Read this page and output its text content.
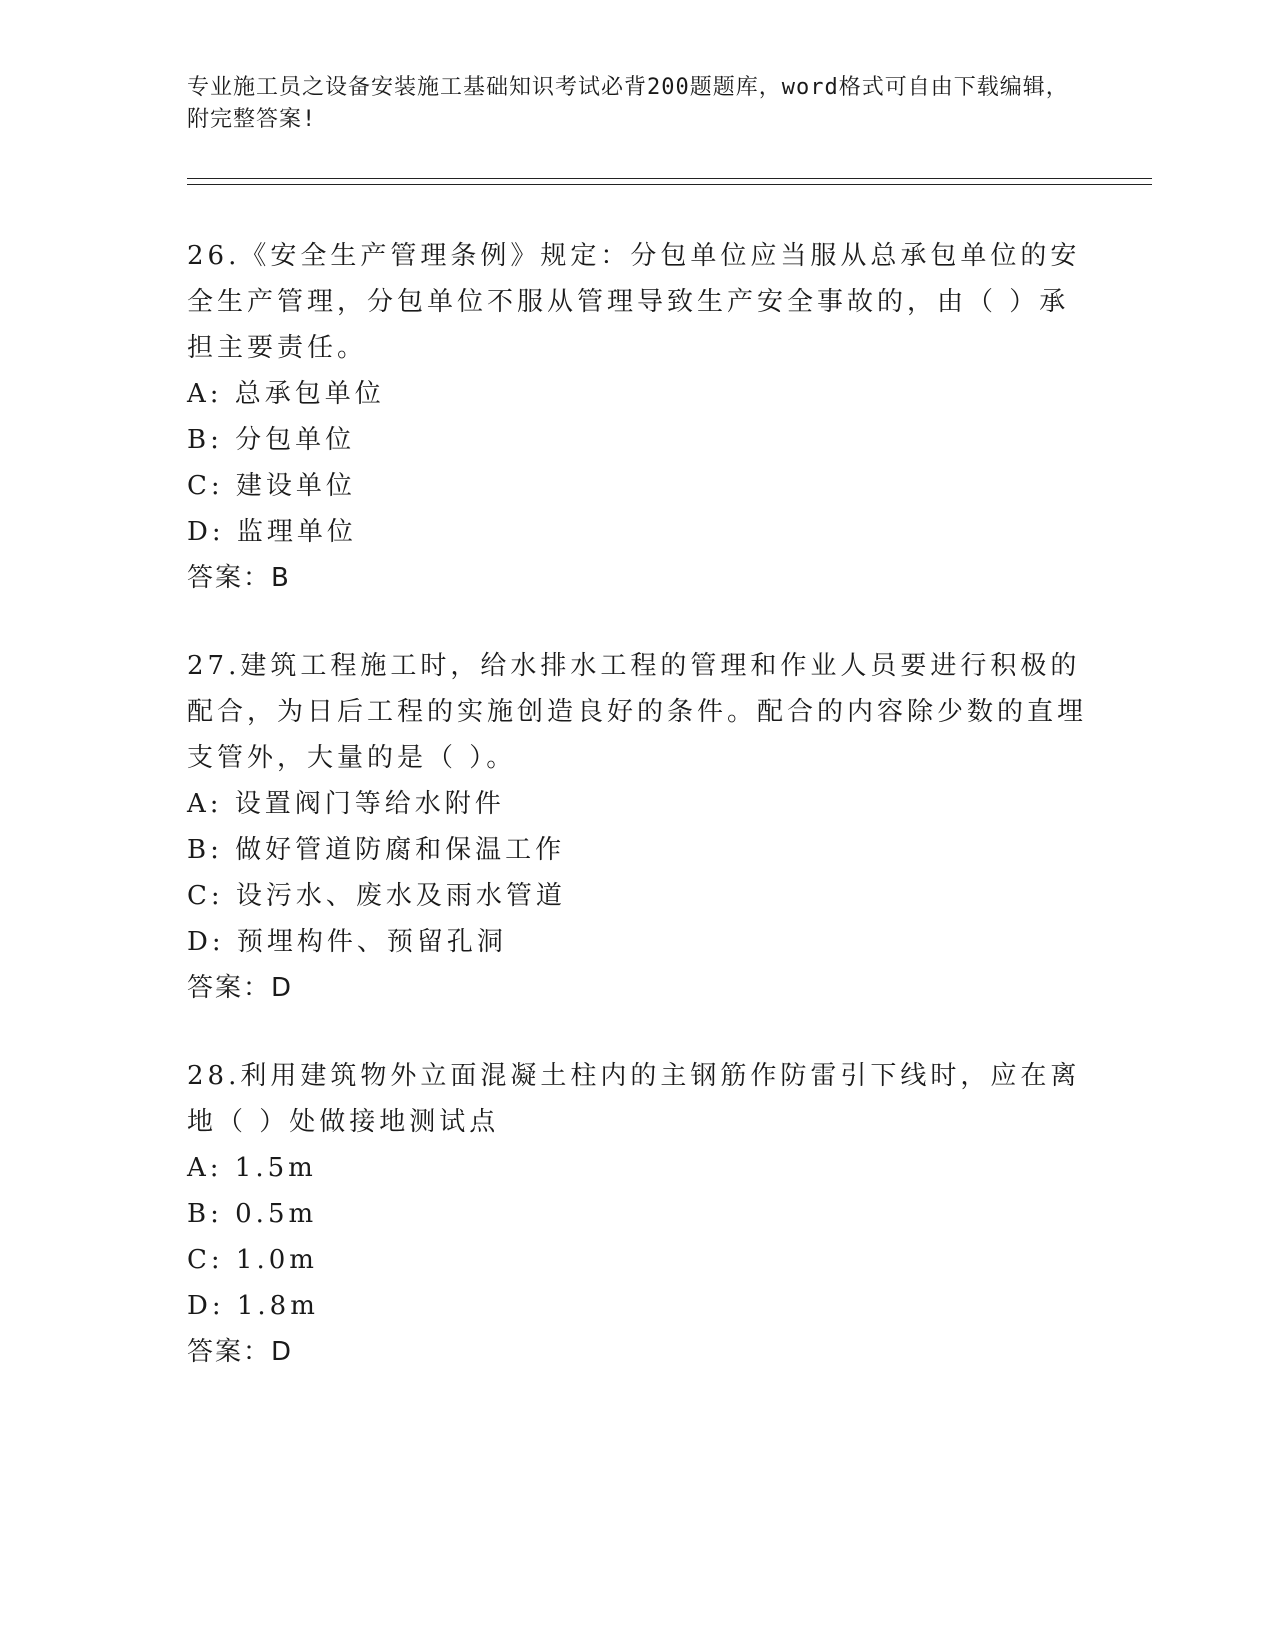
专业施工员之设备安装施工基础知识考试必背200题题库，word格式可自由下载编辑，附完整答案!

26.《安全生产管理条例》规定：分包单位应当服从总承包单位的安全生产管理，分包单位不服从管理导致生产安全事故的，由（ ）承担主要责任。

A: 总承包单位

B: 分包单位

C: 建设单位

D: 监理单位

答案：B

27.建筑工程施工时，给水排水工程的管理和作业人员要进行积极的配合，为日后工程的实施创造良好的条件。配合的内容除少数的直埋支管外，大量的是（ ）。

A: 设置阀门等给水附件

B: 做好管道防腐和保温工作

C: 设污水、废水及雨水管道

D: 预埋构件、预留孔洞

答案：D

28.利用建筑物外立面混凝土柱内的主钢筋作防雷引下线时，应在离地（ ）处做接地测试点

A: 1.5m

B: 0.5m

C: 1.0m

D: 1.8m

答案：D
